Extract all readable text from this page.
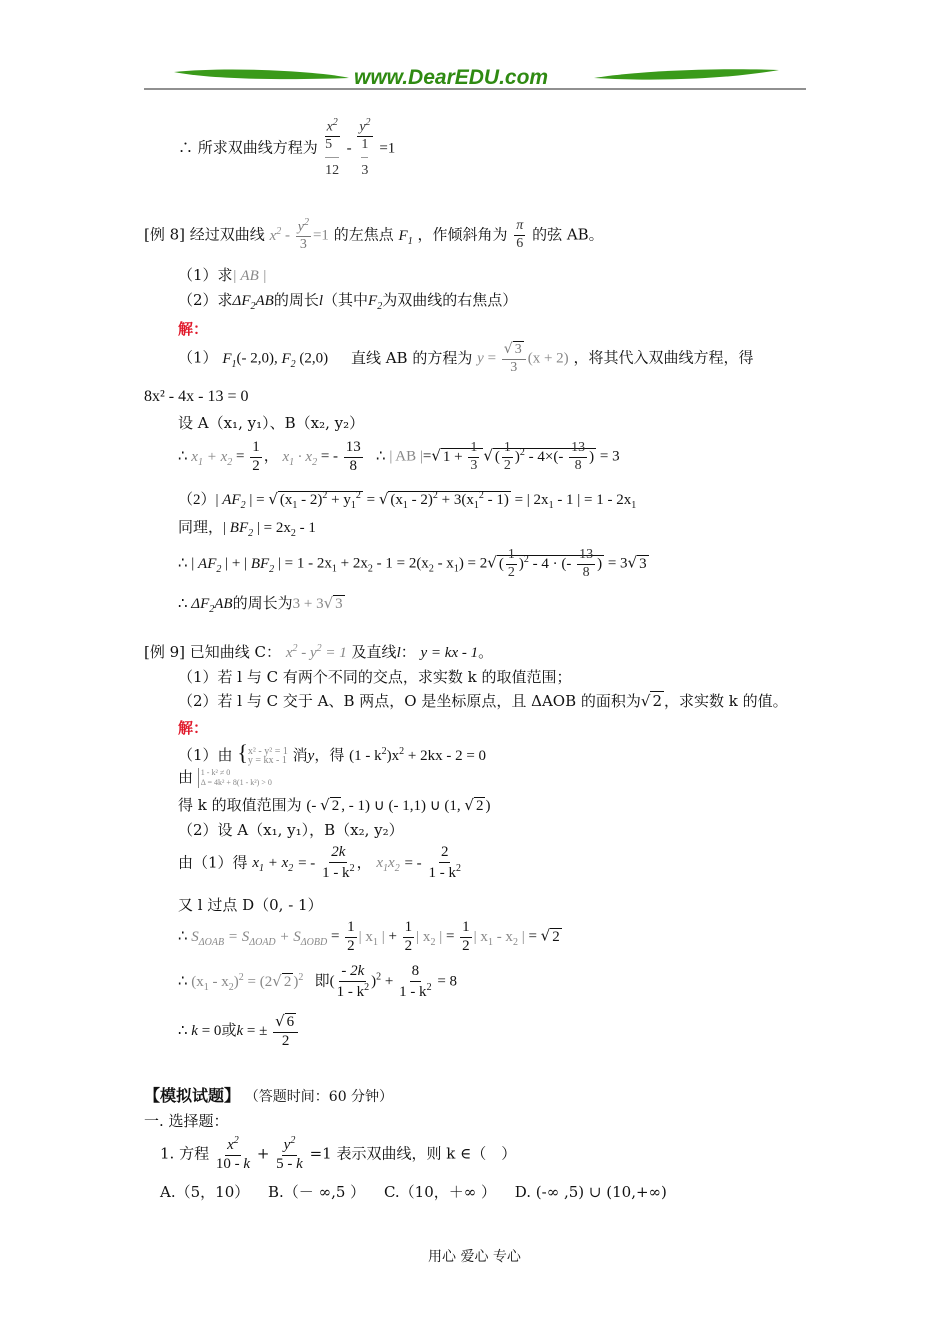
www.DearEDU.com
∴ 所求双曲线方程为
$x^2$
5

12
-
$y^2$
1

3
=1
[例 8] 经过双曲线 $x^2 - \frac{y^2}{3} =1$ 的左焦点 $F_1$ ，作倾斜角为 $\frac{\pi}{6}$ 的弦 AB。
（1）求| AB |
（2）求$\Delta F_2AB$的周长l（其中$F_2$为双曲线的右焦点）
解：
（1） $F_1(-$ 2,0), $F_2$ (2,0) 直线 AB 的方程为 $y = \frac{√ 3}{3} (x + 2)$ ，将其代入双曲线方程，得
8x² - 4x - 13 = 0
设 A（x₁, y₁）、B（x₂, y₂）
∴ $x_1 + x_2 = \frac{1}{2}$ ， $x_1 \cdot x_2$ = - $\frac{13}{8}$ ∴ | AB |=√ $1 + \frac{1}{3}$ √ ( $\frac{1}{2} )^2 - 4\times(- \frac{13}{8}$ ) = 3
（2）| $AF_2$ | = √ $(x_1 - 2)^2 + y_1^2$ = √ $(x_1 - 2)^2 + 3(x_1^2 - 1)$ = | $2x_1 - 1$ | = $1 - 2x_1$
同理，| $BF_2$ | = $2x_2 - 1$
∴ | $AF_2$ | + | $BF_2$ | = $1 - 2x_1 + 2x_2 - 1 = 2(x_2 - x_1) = 2√$ ( $\frac{1}{2} )^2 - 4$ · (- $\frac{13}{8}$ ) = 3√ 3
∴ $\Delta F_2AB$的周长为3 + 3√ 3
[例 9] 已知曲线 C： $x^2 - y^2 = 1$ 及直线l： y = kx - 1。
（1）若 l 与 C 有两个不同的交点，求实数 k 的取值范围；
（2）若 l 与 C 交于 A、B 两点，O 是坐标原点，且 ΔAOB 的面积为√ 2 ，求实数 k 的值。
解：
（1）由 {x² - y² = 1
y = kx - 1 消y，得 $(1 - k^2)x^2 + 2kx - 2 = 0$
由 1 - k² ≠ 0
Δ = 4k² + 8(1 - k²) > 0
得 k 的取值范围为 (- √ 2 , - 1) ∪ (- 1,1) ∪ (1, √ 2 )
（2）设 A（x₁, y₁），B（x₂, y₂）
由（1）得 $x_1 + x_2$ = - $\frac{2k}{1 - k^2}$ ， $x_1x_2$ = - $\frac{2}{1 - k^2}$
又 l 过点 D（0, - 1）
∴ $S_{\Delta OAB} = S_{\Delta OAD} + S_{\Delta OBD} = \frac{1}{2}$ | $x_1$ | + $\frac{1}{2}$ | $x_2$ | = $\frac{1}{2}$ | $x_1 - x_2$ | = √ 2
∴ $(x_1 - x_2)^2 = (2√$ 2 )$^2$ 即( $\frac{- 2k}{1 - k^2} )^2 + \frac{8}{1 - k^2} = 8$
∴ k = 0或k = ± $\frac{√ 6}{2}$
【模拟试题】 （答题时间：60 分钟）
一. 选择题：
1. 方程 $\frac{x^2}{10 - k} + \frac{y^2}{5 - k} =1$ 表示双曲线，则 k ∈（　）
A.（5，10） B.（－ ∞,5 ） C.（10，＋∞ ） D. (-∞ ,5) ∪ (10,+∞)
用心 爱心 专心
